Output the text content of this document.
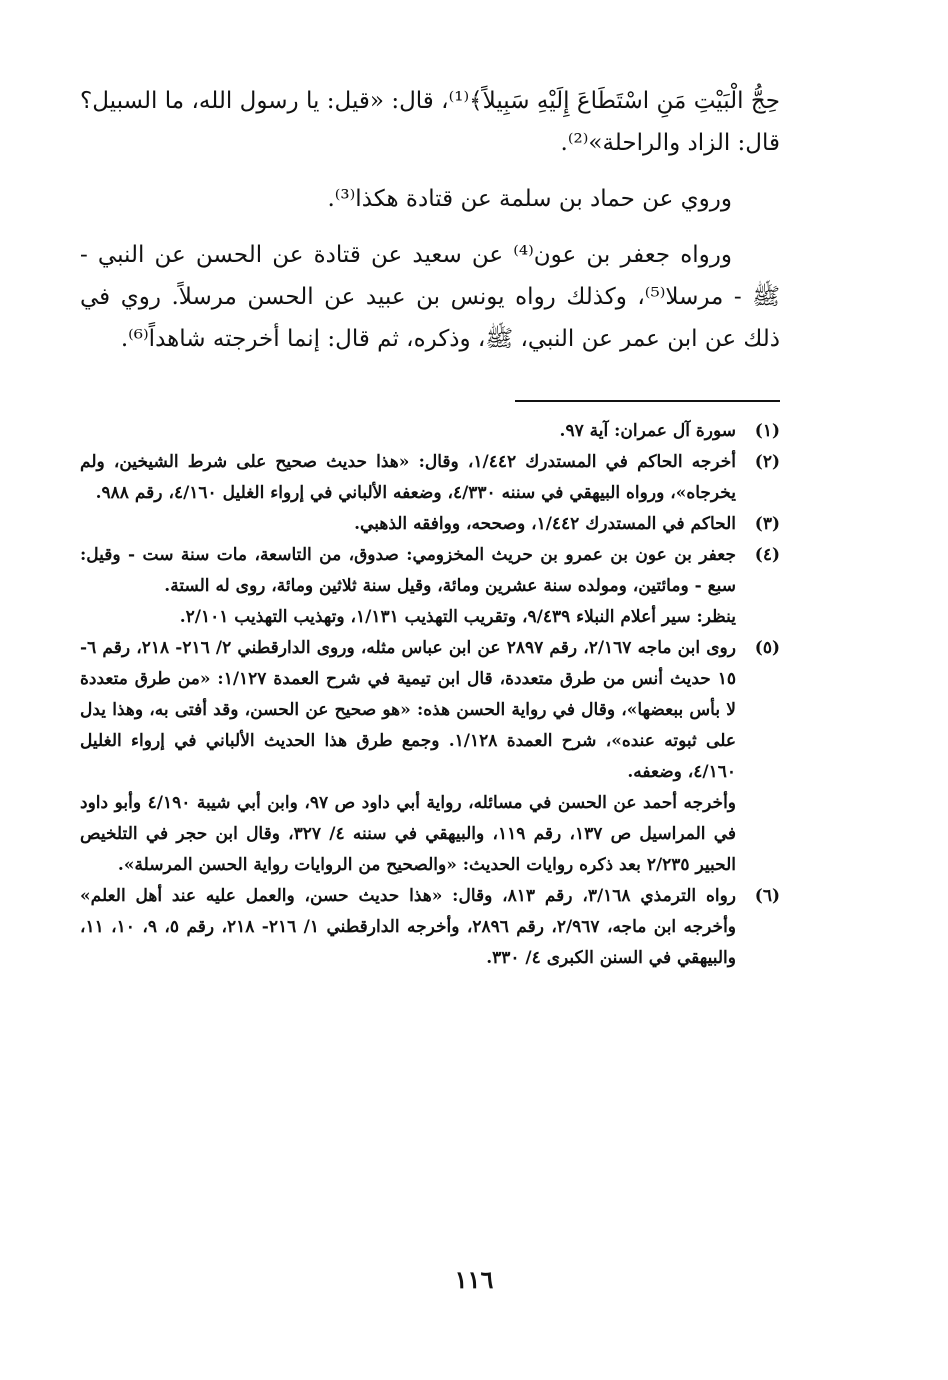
حِجُّ الْبَيْتِ مَنِ اسْتَطَاعَ إِلَيْهِ سَبِيلاً﴾⁽¹⁾، قال: «قيل: يا رسول الله، ما السبيل؟ قال: الزاد والراحلة»⁽²⁾.

وروي عن حماد بن سلمة عن قتادة هكذا⁽³⁾.

ورواه جعفر بن عون⁽⁴⁾ عن سعيد عن قتادة عن الحسن عن النبي - ﷺ - مرسلا⁽⁵⁾، وكذلك رواه يونس بن عبيد عن الحسن مرسلاً. روي في ذلك عن ابن عمر عن النبي، ﷺ، وذكره، ثم قال: إنما أخرجته شاهداً⁽⁶⁾.

(١)

سورة آل عمران: آية ٩٧.

(٢)

أخرجه الحاكم في المستدرك ١/٤٤٢، وقال: «هذا حديث صحيح على شرط الشيخين، ولم يخرجاه»، ورواه البيهقي في سننه ٤/٣٣٠، وضعفه الألباني في إرواء الغليل ٤/١٦٠، رقم ٩٨٨.

(٣)

الحاكم في المستدرك ١/٤٤٢، وصححه، ووافقه الذهبي.

(٤)

جعفر بن عون بن عمرو بن حريث المخزومي: صدوق، من التاسعة، مات سنة ست - وقيل: سبع - ومائتين، ومولده سنة عشرين ومائة، وقيل سنة ثلاثين ومائة، روى له الستة.

ينظر: سير أعلام النبلاء ٩/٤٣٩، وتقريب التهذيب ١/١٣١، وتهذيب التهذيب ٢/١٠١.

(٥)

روى ابن ماجه ٢/١٦٧، رقم ٢٨٩٧ عن ابن عباس مثله، وروى الدارقطني ٢/ ٢١٦- ٢١٨، رقم ٦- ١٥ حديث أنس من طرق متعددة، قال ابن تيمية في شرح العمدة ١/١٢٧: «من طرق متعددة لا بأس ببعضها»، وقال في رواية الحسن هذه: «هو صحيح عن الحسن، وقد أفتى به، وهذا يدل على ثبوته عنده»، شرح العمدة ١/١٢٨. وجمع طرق هذا الحديث الألباني في إرواء الغليل ٤/١٦٠، وضعفه.

وأخرجه أحمد عن الحسن في مسائله، رواية أبي داود ص ٩٧، وابن أبي شيبة ٤/١٩٠ وأبو داود في المراسيل ص ١٣٧، رقم ١١٩، والبيهقي في سننه ٤/ ٣٢٧، وقال ابن حجر في التلخيص الحبير ٢/٢٣٥ بعد ذكره روايات الحديث: «والصحيح من الروايات رواية الحسن المرسلة».

(٦)

رواه الترمذي ٣/١٦٨، رقم ٨١٣، وقال: «هذا حديث حسن، والعمل عليه عند أهل العلم» وأخرجه ابن ماجه، ٢/٩٦٧، رقم ٢٨٩٦، وأخرجه الدارقطني ١/ ٢١٦- ٢١٨، رقم ٥، ٩، ١٠، ١١، والبيهقي في السنن الكبرى ٤/ ٣٣٠.

١١٦
